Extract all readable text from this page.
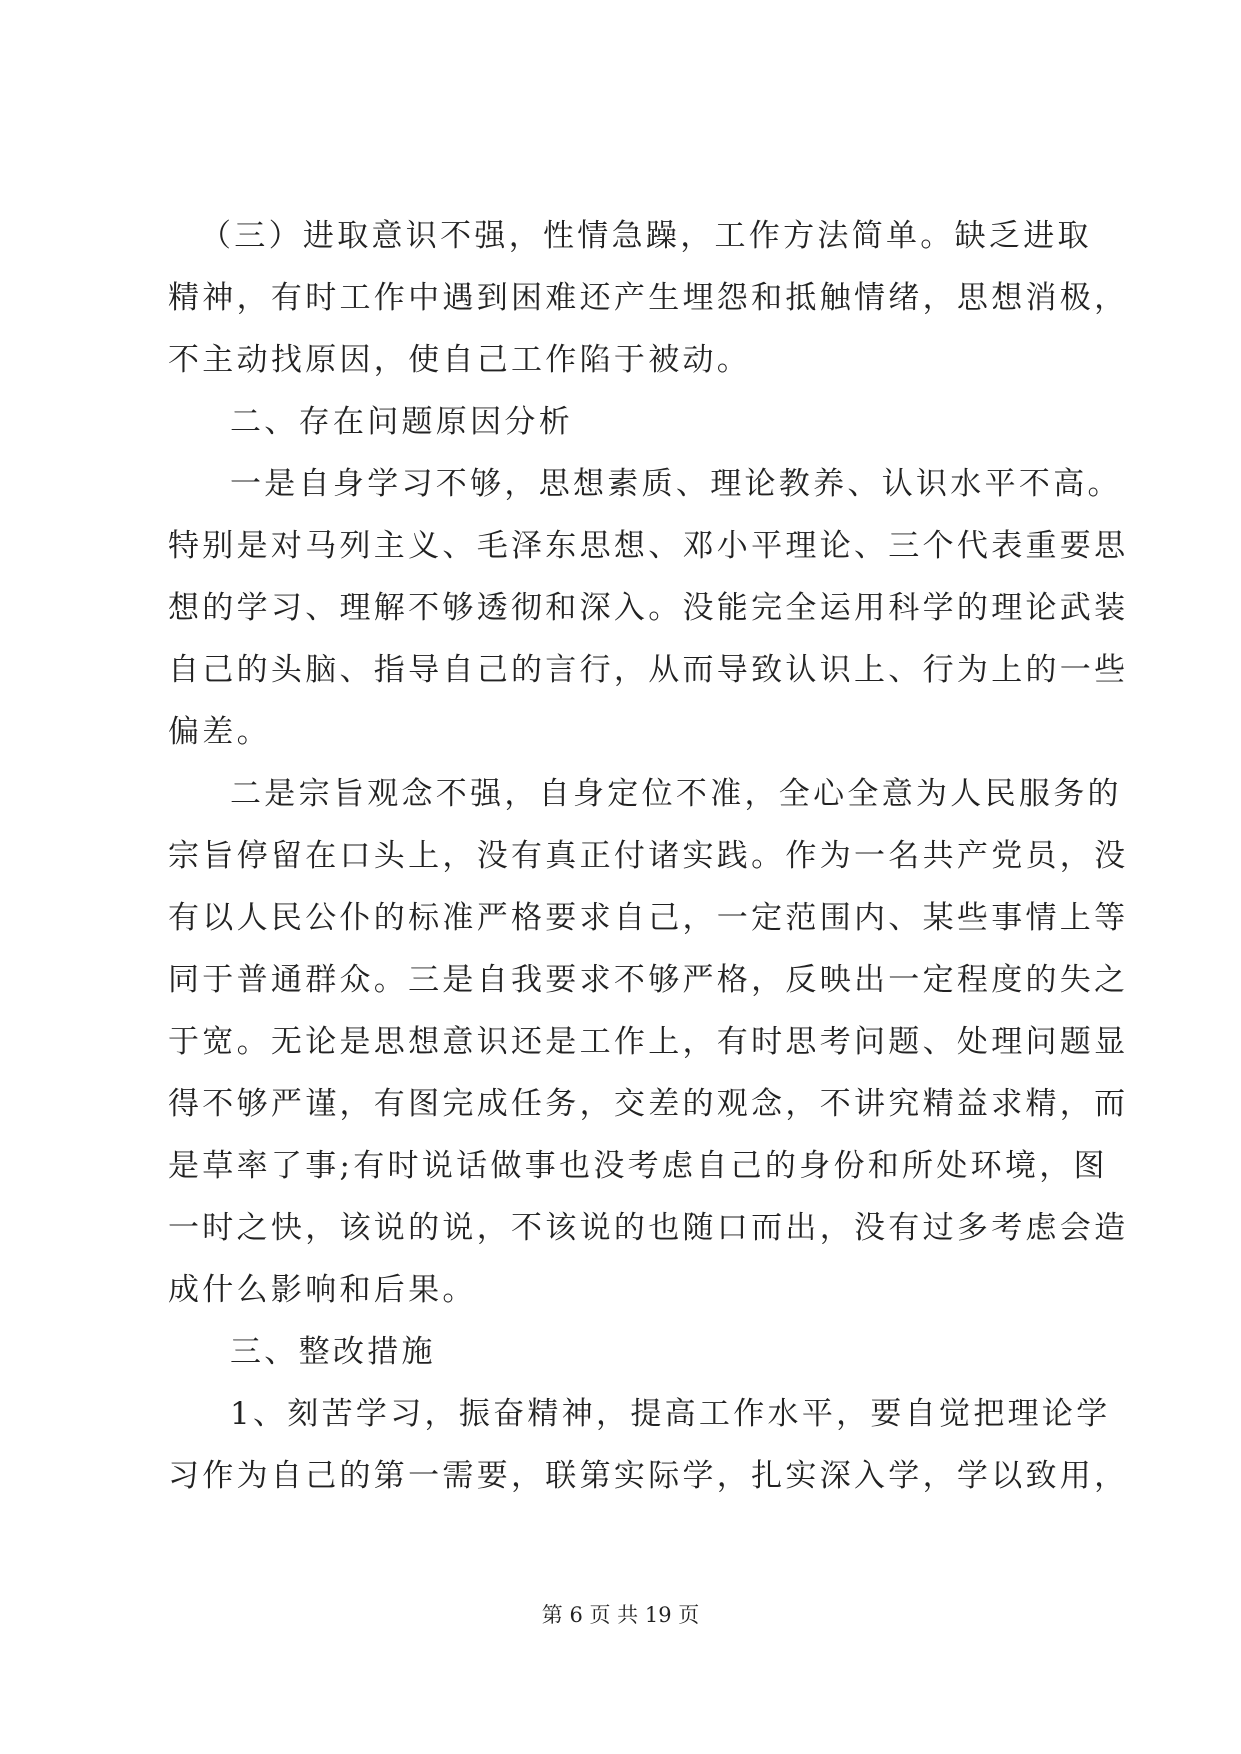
（三）进取意识不强，性情急躁，工作方法简单。缺乏进取
精神，有时工作中遇到困难还产生埋怨和抵触情绪，思想消极，
不主动找原因，使自己工作陷于被动。
二、存在问题原因分析
一是自身学习不够，思想素质、理论教养、认识水平不高。
特别是对马列主义、毛泽东思想、邓小平理论、三个代表重要思
想的学习、理解不够透彻和深入。没能完全运用科学的理论武装
自己的头脑、指导自己的言行，从而导致认识上、行为上的一些
偏差。
二是宗旨观念不强，自身定位不准，全心全意为人民服务的
宗旨停留在口头上，没有真正付诸实践。作为一名共产党员，没
有以人民公仆的标准严格要求自己，一定范围内、某些事情上等
同于普通群众。三是自我要求不够严格，反映出一定程度的失之
于宽。无论是思想意识还是工作上，有时思考问题、处理问题显
得不够严谨，有图完成任务，交差的观念，不讲究精益求精，而
是草率了事;有时说话做事也没考虑自己的身份和所处环境，图
一时之快，该说的说，不该说的也随口而出，没有过多考虑会造
成什么影响和后果。
三、整改措施
1、刻苦学习，振奋精神，提高工作水平，要自觉把理论学
习作为自己的第一需要，联第实际学，扎实深入学，学以致用，
第 6 页 共 19 页
